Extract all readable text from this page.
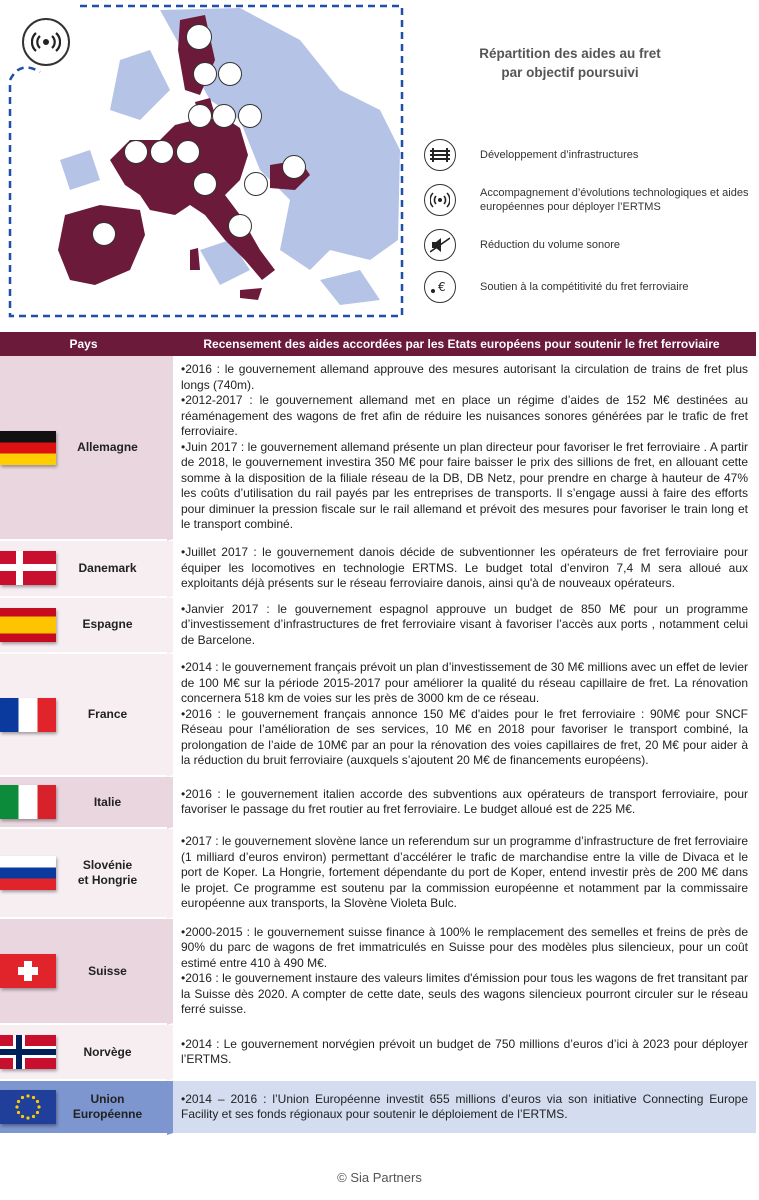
Répartition des aides au fret
par objectif poursuivi
Développement d’infrastructures
Accompagnement d’évolutions technologiques et aides européennes pour déployer l’ERTMS
Réduction du volume sonore
€	Soutien à la compétitivité du fret ferroviaire
Pays	Recensement des aides accordées par les Etats européens pour soutenir le fret ferroviaire

Allemagne	•2016 : le gouvernement allemand approuve des mesures autorisant la circulation de trains de fret plus longs (740m).

•2012-2017 : le gouvernement allemand met en place un régime d’aides de 152 M€ destinées au réaménagement des wagons de fret afin de réduire les nuisances sonores générées par le trafic de fret ferroviaire.

•Juin 2017 : le gouvernement allemand présente un plan directeur pour favoriser le fret ferroviaire . A partir de 2018, le gouvernement investira 350 M€ pour faire baisser le prix des sillions de fret, en allouant cette somme à la disposition de la filiale réseau de la DB, DB Netz, pour prendre en charge à hauteur de 47% les coûts d’utilisation du rail payés par les entreprises de transports. Il s’engage aussi à faire des efforts pour diminuer la pression fiscale sur le rail allemand et prévoit des mesures pour favoriser le train long et le transport combiné.

Danemark	•Juillet 2017 : le gouvernement danois décide de subventionner les opérateurs de fret ferroviaire pour équiper les locomotives en technologie ERTMS. Le budget total d’environ 7,4 M sera alloué aux exploitants déjà présents sur le réseau ferroviaire danois, ainsi qu'à de nouveaux opérateurs.

Espagne	•Janvier 2017 : le gouvernement espagnol approuve un budget de 850 M€ pour un programme d’investissement d’infrastructures de fret ferroviaire visant à favoriser l’accès aux ports , notamment celui de Barcelone.

France	•2014 : le gouvernement français prévoit un plan d’investissement de 30 M€ millions avec un effet de levier de 100 M€ sur la période 2015-2017 pour améliorer la qualité du réseau capillaire de fret. La rénovation concernera 518 km de voies sur les près de 3000 km de ce réseau.

•2016 : le gouvernement français annonce 150 M€ d'aides pour le fret ferroviaire : 90M€ pour SNCF Réseau pour l’amélioration de ses services, 10 M€ en 2018 pour favoriser le transport combiné, la prolongation de l’aide de 10M€ par an pour la rénovation des voies capillaires de fret, 20 M€ pour aider à la réduction du bruit ferroviaire (auxquels s’ajoutent 20 M€ de financements européens).

Italie	•2016 : le gouvernement italien accorde des subventions aux opérateurs de transport ferroviaire, pour favoriser le passage du fret routier au fret ferroviaire. Le budget alloué est de 225 M€.

Slovénie
et Hongrie	•2017 : le gouvernement slovène lance un referendum sur un programme d’infrastructure de fret ferroviaire (1 milliard d’euros environ) permettant d’accélérer le trafic de marchandise entre la ville de Divaca et le port de Koper. La Hongrie, fortement dépendante du port de Koper, entend investir près de 200 M€ dans le projet. Ce programme est soutenu par la commission européenne et notamment par la commissaire européenne aux transports, la Slovène Violeta Bulc.

Suisse	•2000-2015 : le gouvernement suisse finance à 100% le remplacement des semelles et freins de près de 90% du parc de wagons de fret immatriculés en Suisse pour des modèles plus silencieux, pour un coût estimé entre 410 à 490 M€.

•2016 : le gouvernement instaure des valeurs limites d'émission pour tous les wagons de fret transitant par la Suisse dès 2020. A compter de cette date, seuls des wagons silencieux pourront circuler sur le réseau ferré suisse.

Norvège	•2014 : Le gouvernement norvégien prévoit un budget de 750 millions d’euros d’ici à 2023 pour déployer l’ERTMS.

Union
Européenne	•2014 – 2016 : l’Union Européenne investit 655 millions d’euros via son initiative Connecting Europe Facility et ses fonds régionaux pour soutenir le déploiement de l’ERTMS.

© Sia Partners
